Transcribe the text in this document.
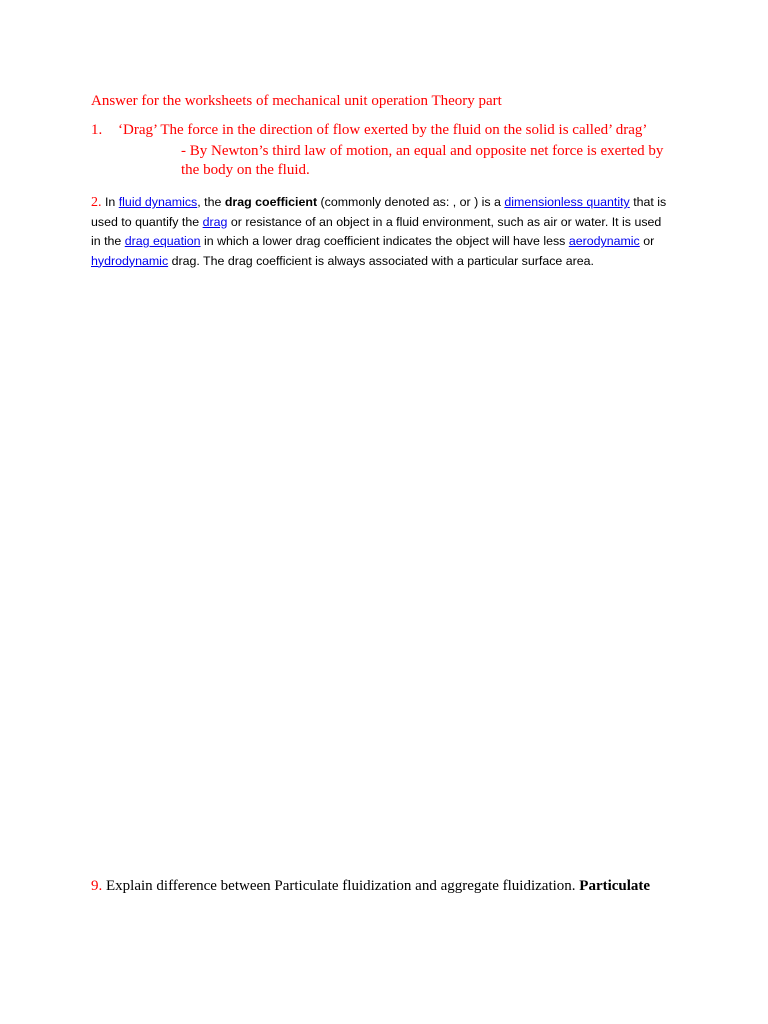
Answer for the worksheets of mechanical unit operation Theory part
1. ‘Drag’ The force in the direction of flow exerted by the fluid on the solid is called’ drag’
- By Newton’s third law of motion, an equal and opposite net force is exerted by
the body on the fluid.
2. In fluid dynamics, the drag coefficient (commonly denoted as: , or ) is a dimensionless quantity that is
used to quantify the drag or resistance of an object in a fluid environment, such as air or water. It is used
in the drag equation in which a lower drag coefficient indicates the object will have less aerodynamic or
hydrodynamic drag. The drag coefficient is always associated with a particular surface area.
9. Explain difference between Particulate fluidization and aggregate fluidization. Particulate
